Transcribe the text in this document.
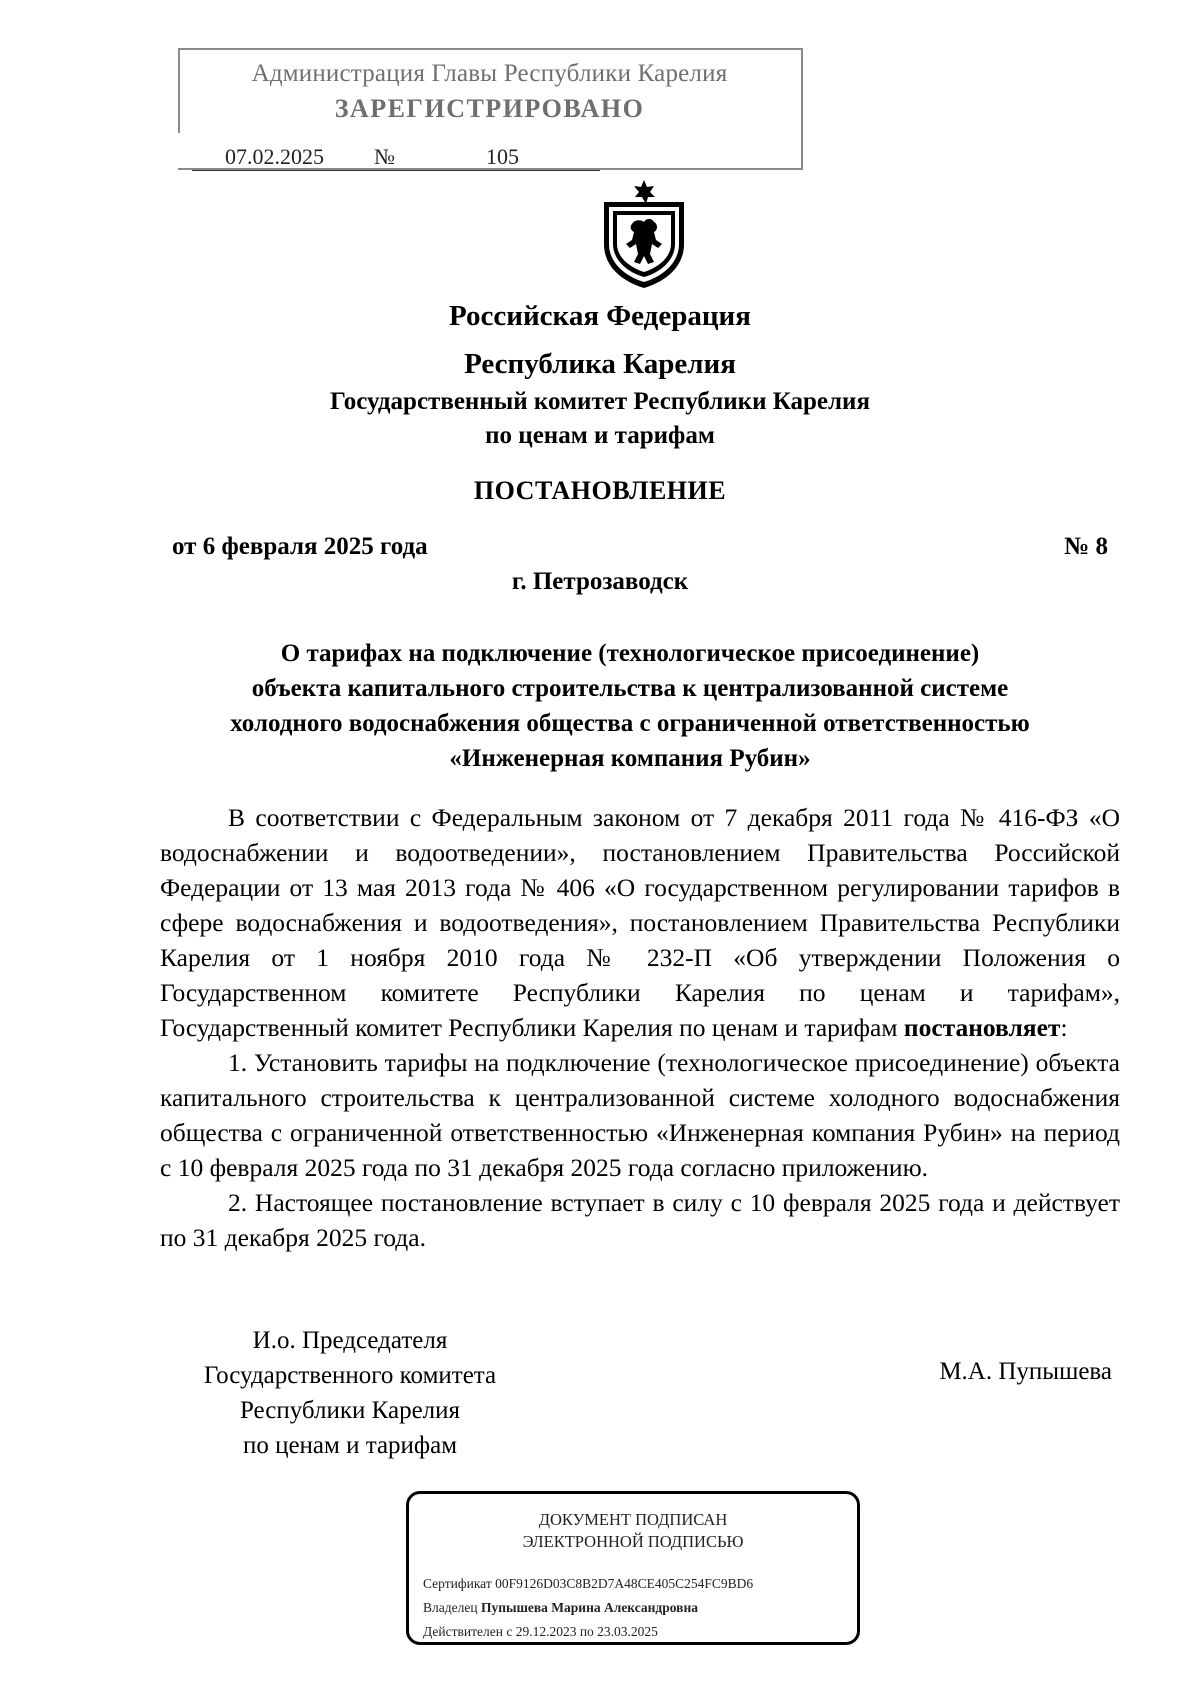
Администрация Главы Республики Карелия
ЗАРЕГИСТРИРОВАНО
07.02.2025	№	105
Российская Федерация
Республика Карелия
Государственный комитет Республики Карелия
по ценам и тарифам
ПОСТАНОВЛЕНИЕ
от 6 февраля 2025 года	№ 8
г. Петрозаводск
О тарифах на подключение (технологическое присоединение)
объекта капитального строительства к централизованной системе
холодного водоснабжения общества с ограниченной ответственностью
«Инженерная компания Рубин»

В соответствии с Федеральным законом от 7 декабря 2011 года № 416-ФЗ «О водоснабжении и водоотведении», постановлением Правительства Российской Федерации от 13 мая 2013 года № 406 «О государственном регулировании тарифов в сфере водоснабжения и водоотведения», постановлением Правительства Республики Карелия от 1 ноября 2010 года № 232-П «Об утверждении Положения о Государственном комитете Республики Карелия по ценам и тарифам», Государственный комитет Республики Карелия по ценам и тарифам постановляет:

1. Установить тарифы на подключение (технологическое присоединение) объекта капитального строительства к централизованной системе холодного водоснабжения общества с ограниченной ответственностью «Инженерная компания Рубин» на период с 10 февраля 2025 года по 31 декабря 2025 года согласно приложению.

2. Настоящее постановление вступает в силу с 10 февраля 2025 года и действует по 31 декабря 2025 года.

И.о. Председателя
Государственного комитета
Республики Карелия
по ценам и тарифам
М.А. Пупышева
ДОКУМЕНТ ПОДПИСАН
ЭЛЕКТРОННОЙ ПОДПИСЬЮ
Сертификат 00F9126D03C8B2D7A48CE405C254FC9BD6
Владелец Пупышева Марина Александровна
Действителен с 29.12.2023 по 23.03.2025
